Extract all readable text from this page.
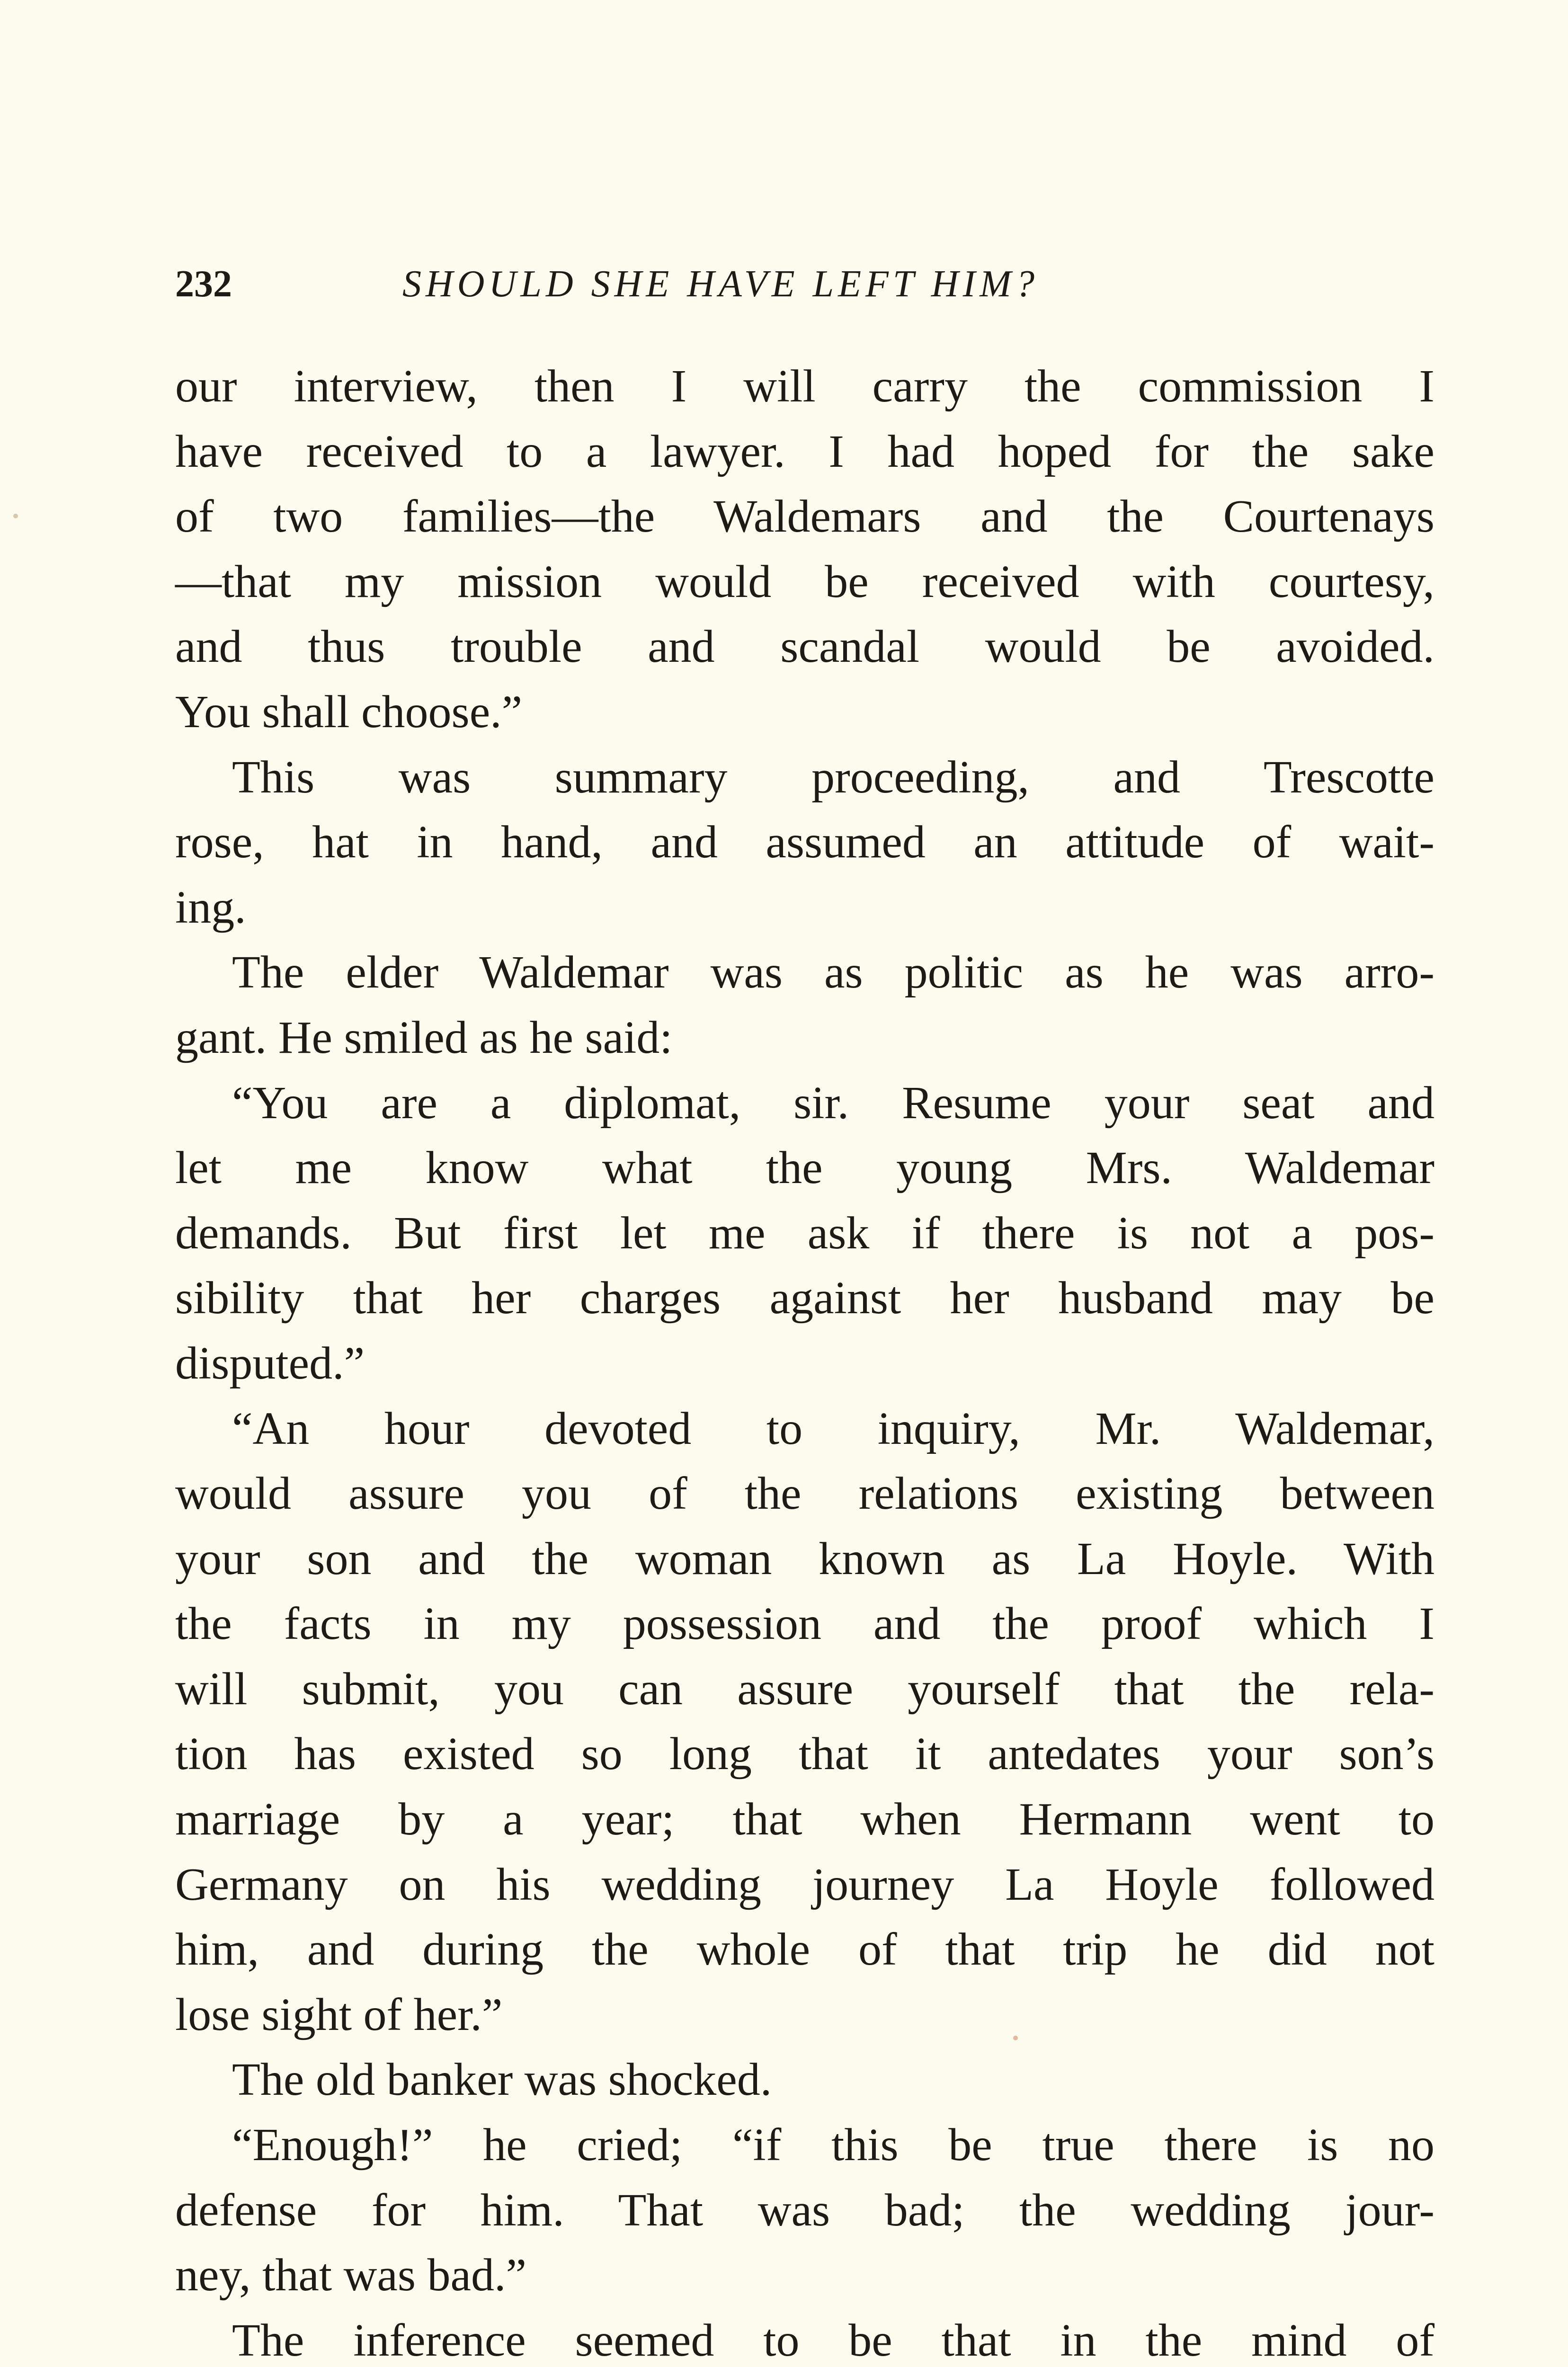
232	SHOULD SHE HAVE LEFT HIM?
our interview, then I will carry the commission I
have received to a lawyer. I had hoped for the sake
of two families—the Waldemars and the Courtenays
—that my mission would be received with courtesy,
and thus trouble and scandal would be avoided.
You shall choose.”
This was summary proceeding, and Trescotte
rose, hat in hand, and assumed an attitude of wait-
ing.
The elder Waldemar was as politic as he was arro-
gant. He smiled as he said:
“You are a diplomat, sir. Resume your seat and
let me know what the young Mrs. Waldemar
demands. But first let me ask if there is not a pos-
sibility that her charges against her husband may be
disputed.”
“An hour devoted to inquiry, Mr. Waldemar,
would assure you of the relations existing between
your son and the woman known as La Hoyle. With
the facts in my possession and the proof which I
will submit, you can assure yourself that the rela-
tion has existed so long that it antedates your son’s
marriage by a year; that when Hermann went to
Germany on his wedding journey La Hoyle followed
him, and during the whole of that trip he did not
lose sight of her.”
The old banker was shocked.
“Enough!” he cried; “if this be true there is no
defense for him. That was bad; the wedding jour-
ney, that was bad.”
The inference seemed to be that in the mind of
